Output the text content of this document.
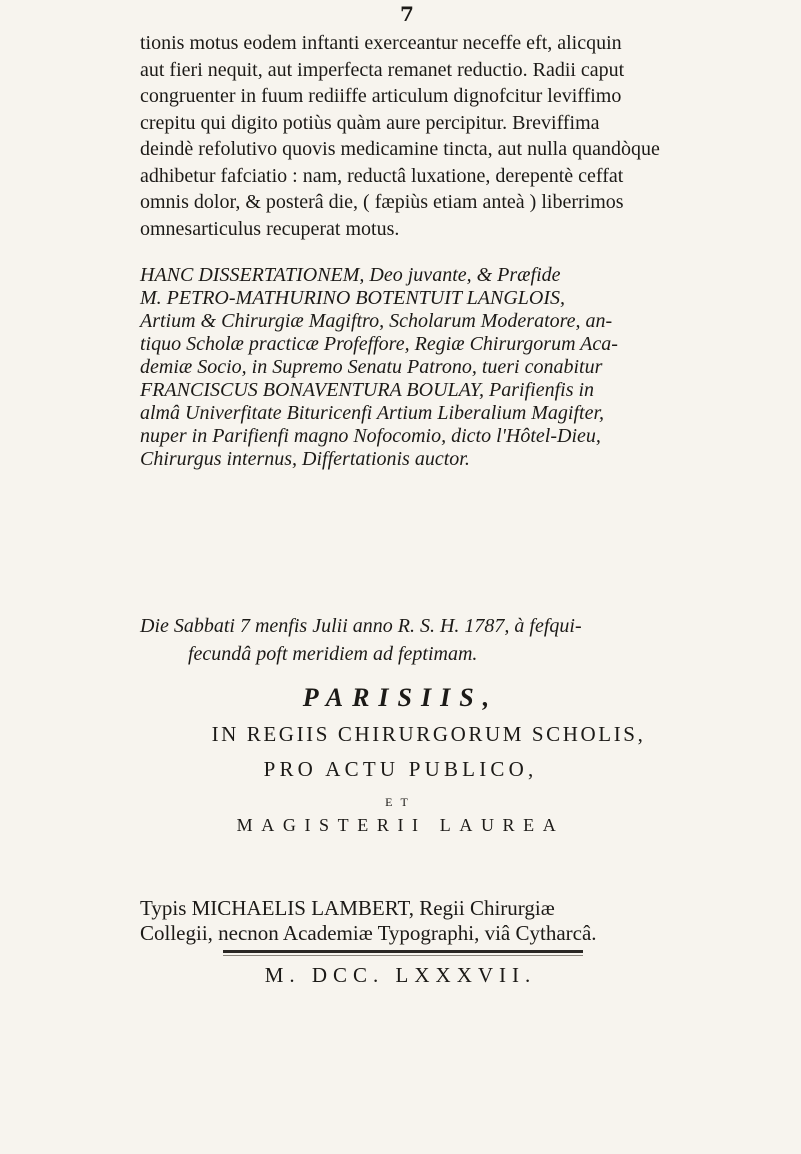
7
tionis motus eodem inftanti exerceantur neceffe eft, alicquin
aut fieri nequit, aut imperfecta remanet reductio. Radii caput
congruenter in fuum rediiffe articulum dignofcitur leviffimo
crepitu qui digito potiùs quàm aure percipitur. Breviffima
deindè refolutivo quovis medicamine tincta, aut nulla quandòque
adhibetur fafciatio : nam, reductâ luxatione, derepentè ceffat
omnis dolor, & posterâ die, ( fæpiùs etiam anteà ) liberrimos
omnesarticulus recuperat motus.
HANC DISSERTATIONEM, Deo juvante, & Præfide
M. PETRO-MATHURINO BOTENTUIT LANGLOIS,
Artium & Chirurgiæ Magiftro, Scholarum Moderatore, an-
tiquo Scholæ practicæ Profeffore, Regiæ Chirurgorum Aca-
demiæ Socio, in Supremo Senatu Patrono, tueri conabitur
FRANCISCUS BONAVENTURA BOULAY, Parifienfis in
almâ Univerfitate Bituricenfi Artium Liberalium Magifter,
nuper in Parifienfi magno Nofocomio, dicto l'Hôtel-Dieu,
Chirurgus internus, Differtationis auctor.
Die Sabbati 7 menfis Julii anno R. S. H. 1787, à fefqui-
fecundâ poft meridiem ad feptimam.
PARISIIS,
IN REGIIS CHIRURGORUM SCHOLIS,
PRO ACTU PUBLICO,
ET
MAGISTERII LAUREA
Typis MICHAELIS LAMBERT, Regii Chirurgiæ
Collegii, necnon Academiæ Typographi, viâ Cytharcâ.
M. DCC. LXXXVII.
